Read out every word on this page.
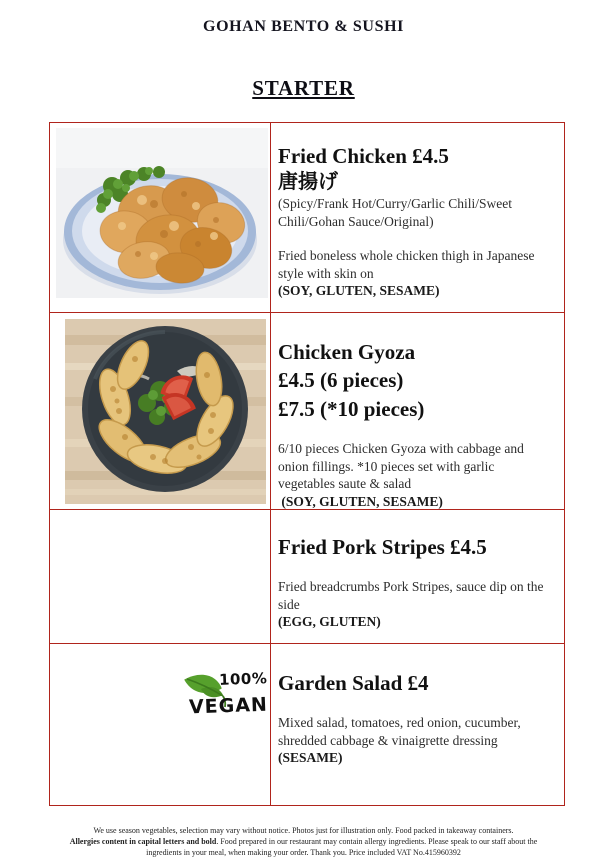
GOHAN BENTO & SUSHI
STARTER
Fried Chicken £4.5
唐揚げ
(Spicy/Frank Hot/Curry/Garlic Chili/Sweet Chili/Gohan Sauce/Original)
Fried boneless whole chicken thigh in Japanese style with skin on
(SOY, GLUTEN, SESAME)
Chicken Gyoza
£4.5 (6 pieces)
£7.5 (*10 pieces)
6/10 pieces Chicken Gyoza with cabbage and onion fillings. *10 pieces set with garlic vegetables saute & salad
(SOY, GLUTEN, SESAME)
Fried Pork Stripes £4.5
Fried breadcrumbs Pork Stripes, sauce dip on the side
(EGG, GLUTEN)
100%
VEGAN
Garden Salad £4
Mixed salad, tomatoes, red onion, cucumber, shredded cabbage & vinaigrette dressing
(SESAME)
We use season vegetables, selection may vary without notice. Photos just for illustration only. Food packed in takeaway containers.
Allergies content in capital letters and bold. Food prepared in our restaurant may contain allergy ingredients. Please speak to our staff about the ingredients in your meal, when making your order. Thank you. Price included VAT No.415960392
